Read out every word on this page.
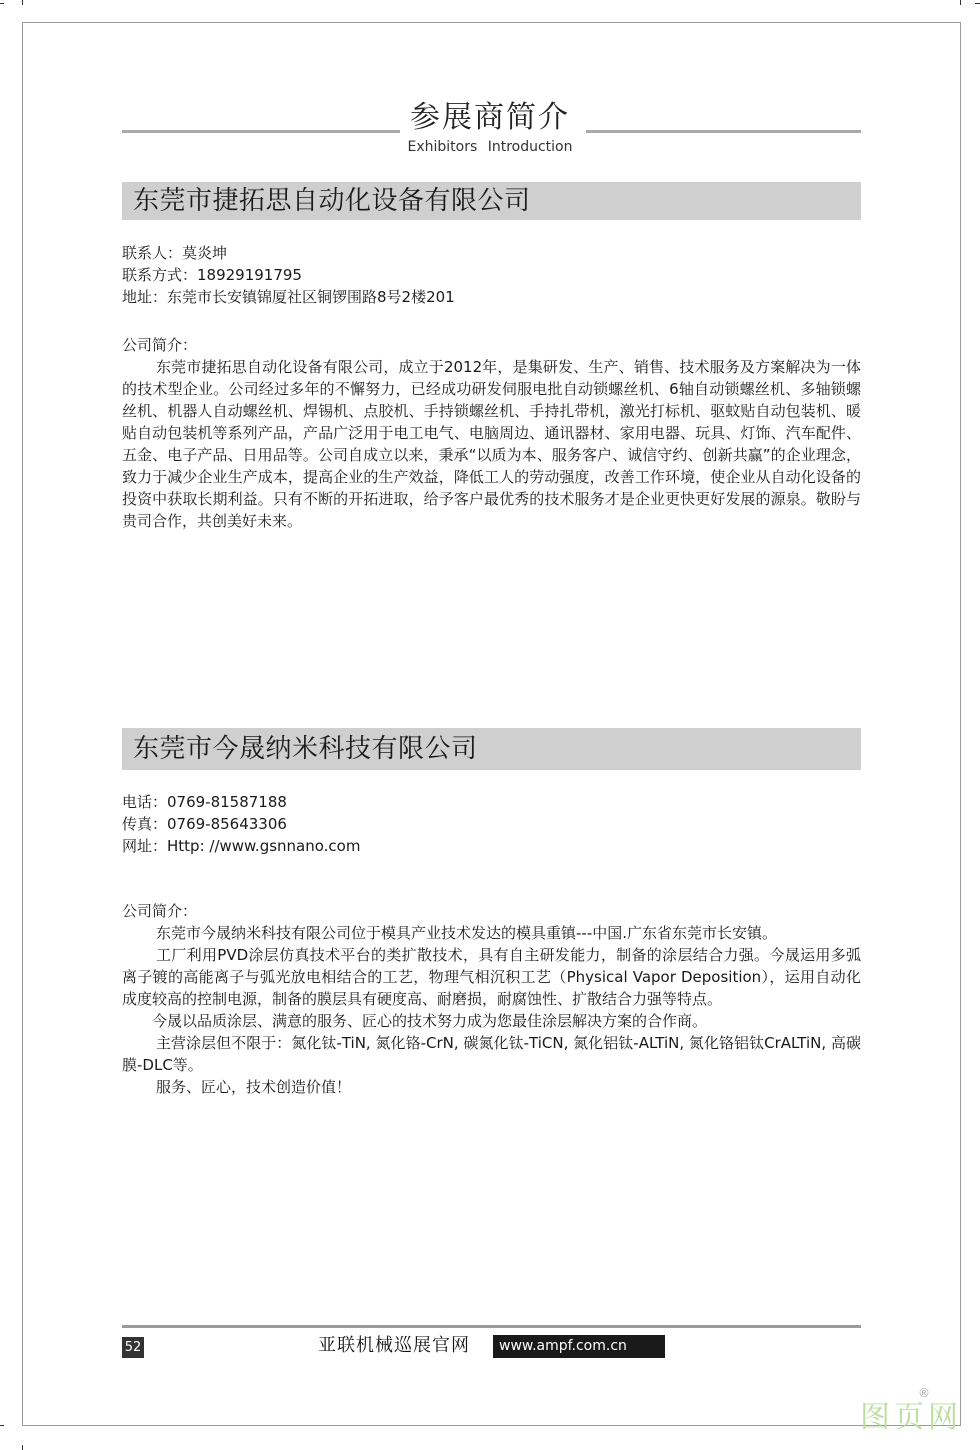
参展商简介
Exhibitors Introduction
东莞市捷拓思自动化设备有限公司
联系人：莫炎坤
联系方式：18929191795
地址：东莞市长安镇锦厦社区铜锣围路8号2楼201
公司简介：

东莞市捷拓思自动化设备有限公司，成立于2012年，是集研发、生产、销售、技术服务及方案解决为一体的技术型企业。公司经过多年的不懈努力，已经成功研发伺服电批自动锁螺丝机、6轴自动锁螺丝机、多轴锁螺丝机、机器人自动螺丝机、焊锡机、点胶机、手持锁螺丝机、手持扎带机，激光打标机、驱蚊贴自动包装机、暖贴自动包装机等系列产品，产品广泛用于电工电气、电脑周边、通讯器材、家用电器、玩具、灯饰、汽车配件、五金、电子产品、日用品等。公司自成立以来，秉承“以质为本、服务客户、诚信守约、创新共赢”的企业理念，致力于减少企业生产成本，提高企业的生产效益，降低工人的劳动强度，改善工作环境，使企业从自动化设备的投资中获取长期利益。只有不断的开拓进取，给予客户最优秀的技术服务才是企业更快更好发展的源泉。敬盼与贵司合作，共创美好未来。

东莞市今晟纳米科技有限公司
电话：0769-81587188
传真：0769-85643306
网址：Http: //www.gsnnano.com
公司简介：

东莞市今晟纳米科技有限公司位于模具产业技术发达的模具重镇---中国.广东省东莞市长安镇。

工厂利用PVD涂层仿真技术平台的类扩散技术，具有自主研发能力，制备的涂层结合力强。今晟运用多弧离子镀的高能离子与弧光放电相结合的工艺，物理气相沉积工艺（Physical Vapor Deposition），运用自动化成度较高的控制电源，制备的膜层具有硬度高、耐磨损，耐腐蚀性、扩散结合力强等特点。

今晟以品质涂层、满意的服务、匠心的技术努力成为您最佳涂层解决方案的合作商。

主营涂层但不限于：氮化钛-TiN, 氮化铬-CrN, 碳氮化钛-TiCN, 氮化铝钛-ALTiN, 氮化铬铝钛CrALTiN, 高碳膜-DLC等。

服务、匠心，技术创造价值！

52	亚联机械巡展官网	www.ampf.com.cn
图页网
®
